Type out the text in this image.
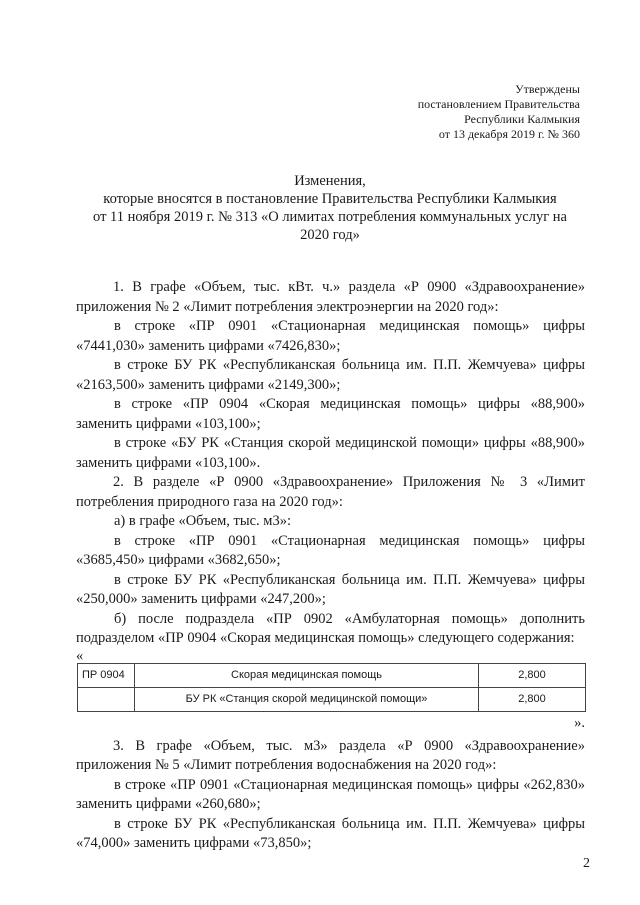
Утверждены
постановлением Правительства
Республики Калмыкия
от 13 декабря 2019 г. № 360
Изменения,
которые вносятся в постановление Правительства Республики Калмыкия
от 11 ноября 2019 г. № 313 «О лимитах потребления коммунальных услуг на
2020 год»

1. В графе «Объем, тыс. кВт. ч.» раздела «Р 0900 «Здравоохранение» приложения № 2 «Лимит потребления электроэнергии на 2020 год»:

в строке «ПР 0901 «Стационарная медицинская помощь» цифры «7441,030» заменить цифрами «7426,830»;

в строке БУ РК «Республиканская больница им. П.П. Жемчуева» цифры «2163,500» заменить цифрами «2149,300»;

в строке «ПР 0904 «Скорая медицинская помощь» цифры «88,900» заменить цифрами «103,100»;

в строке «БУ РК «Станция скорой медицинской помощи» цифры «88,900» заменить цифрами «103,100».

2. В разделе «Р 0900 «Здравоохранение» Приложения № 3 «Лимит потребления природного газа на 2020 год»:

а) в графе «Объем, тыс. м3»:

в строке «ПР 0901 «Стационарная медицинская помощь» цифры «3685,450» цифрами «3682,650»;

в строке БУ РК «Республиканская больница им. П.П. Жемчуева» цифры «250,000» заменить цифрами «247,200»;

б) после подраздела «ПР 0902 «Амбулаторная помощь» дополнить подразделом «ПР 0904 «Скорая медицинская помощь» следующего содержания:

«

ПР 0904	Скорая медицинская помощь	2,800
	БУ РК «Станция скорой медицинской помощи»	2,800
».

3. В графе «Объем, тыс. м3» раздела «Р 0900 «Здравоохранение» приложения № 5 «Лимит потребления водоснабжения на 2020 год»:

в строке «ПР 0901 «Стационарная медицинская помощь» цифры «262,830» заменить цифрами «260,680»;

в строке БУ РК «Республиканская больница им. П.П. Жемчуева» цифры «74,000» заменить цифрами «73,850»;

2
